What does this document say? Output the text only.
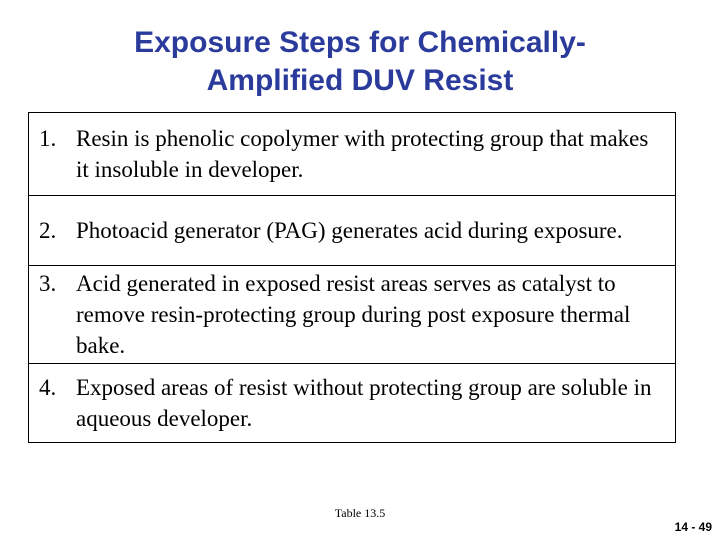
Exposure Steps for Chemically-
Amplified DUV Resist
1. Resin is phenolic copolymer with protecting group that makes it insoluble in developer.

2. Photoacid generator (PAG) generates acid during exposure.

3. Acid generated in exposed resist areas serves as catalyst to remove resin-protecting group during post exposure thermal bake.

4. Exposed areas of resist without protecting group are soluble in aqueous developer.
Table 13.5
14 - 49
